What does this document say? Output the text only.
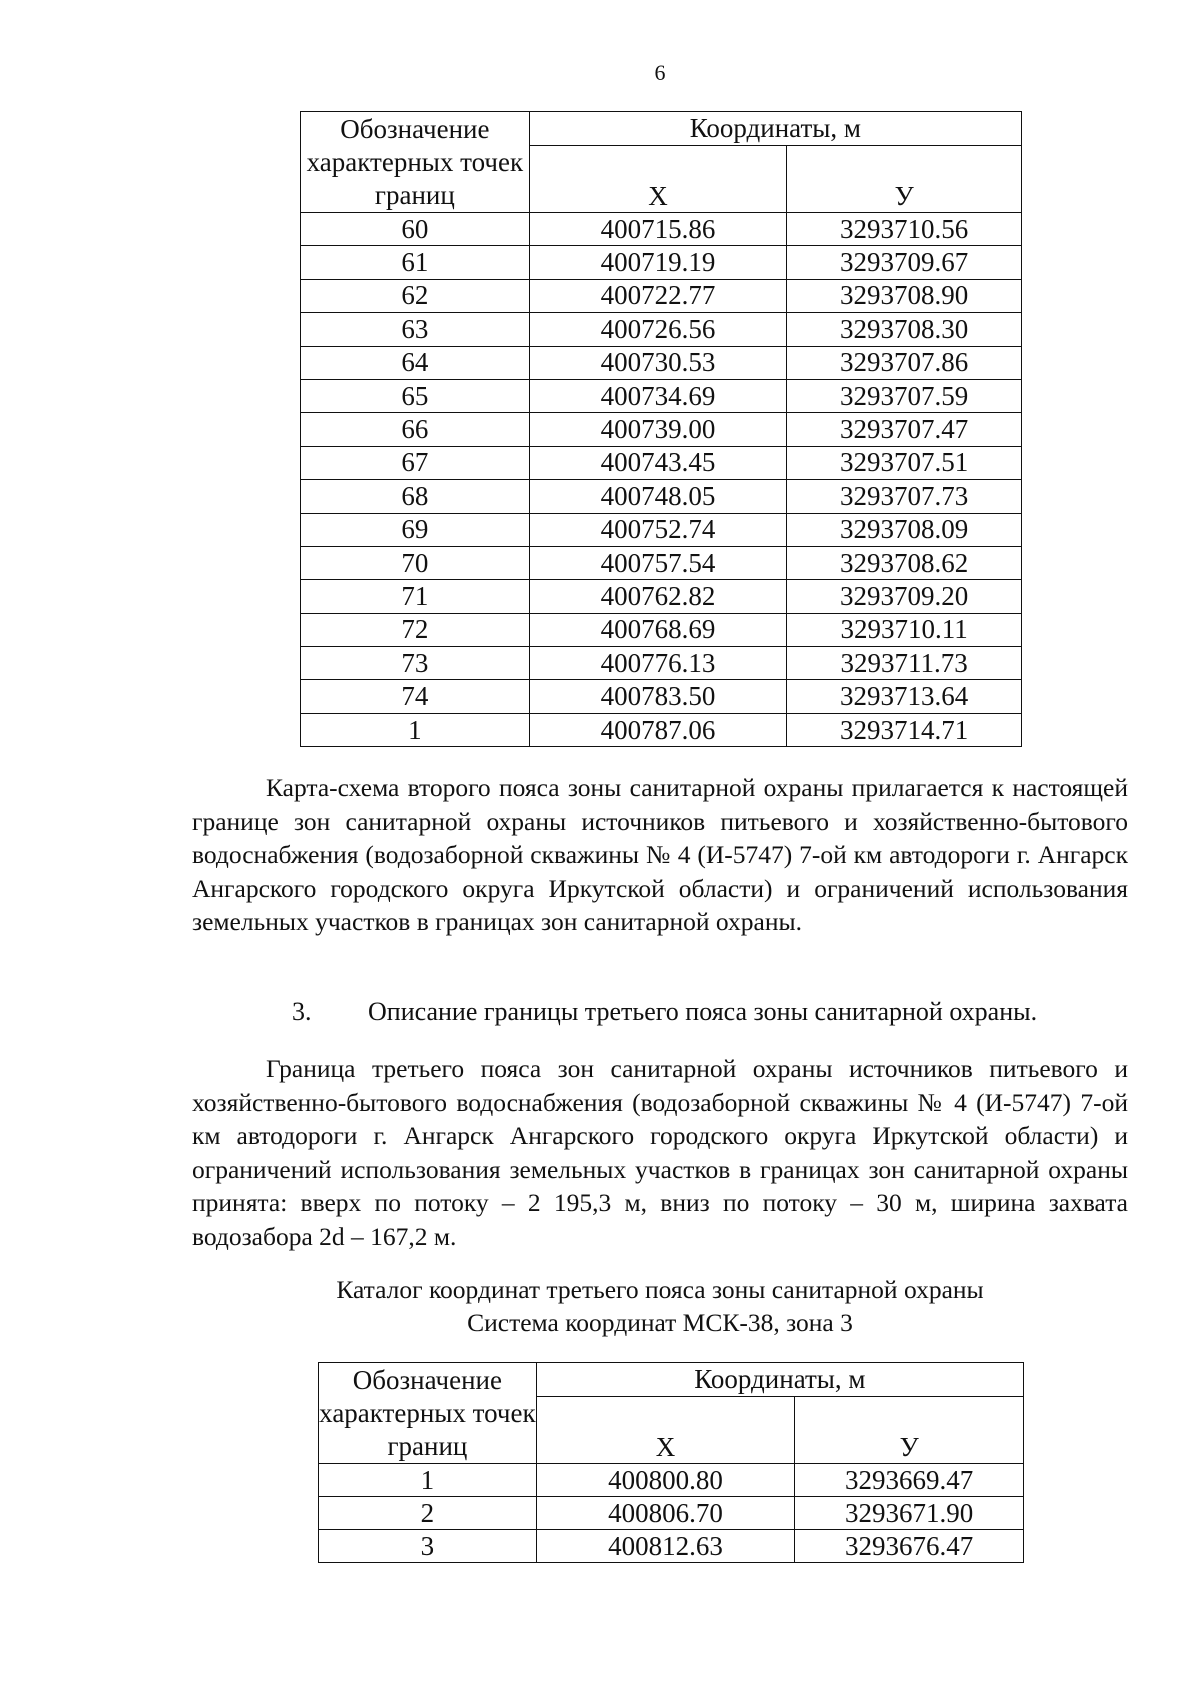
6
Обозначение характерных точек границ	Координаты, м	
	Х	У
60	400715.86	3293710.56
61	400719.19	3293709.67
62	400722.77	3293708.90
63	400726.56	3293708.30
64	400730.53	3293707.86
65	400734.69	3293707.59
66	400739.00	3293707.47
67	400743.45	3293707.51
68	400748.05	3293707.73
69	400752.74	3293708.09
70	400757.54	3293708.62
71	400762.82	3293709.20
72	400768.69	3293710.11
73	400776.13	3293711.73
74	400783.50	3293713.64
1	400787.06	3293714.71
Карта-схема второго пояса зоны санитарной охраны прилагается к настоящей границе зон санитарной охраны источников питьевого и хозяйственно-бытового водоснабжения (водозаборной скважины № 4 (И-5747) 7-ой км автодороги г. Ангарск Ангарского городского округа Иркутской области) и ограничений использования земельных участков в границах зон санитарной охраны.
3. Описание границы третьего пояса зоны санитарной охраны.
Граница третьего пояса зон санитарной охраны источников питьевого и хозяйственно-бытового водоснабжения (водозаборной скважины № 4 (И-5747) 7-ой км автодороги г. Ангарск Ангарского городского округа Иркутской области) и ограничений использования земельных участков в границах зон санитарной охраны принята: вверх по потоку – 2 195,3 м, вниз по потоку – 30 м, ширина захвата водозабора 2d – 167,2 м.
Каталог координат третьего пояса зоны санитарной охраны
Система координат МСК-38, зона 3
Обозначение характерных точек границ	Координаты, м	
	Х	У
1	400800.80	3293669.47
2	400806.70	3293671.90
3	400812.63	3293676.47
